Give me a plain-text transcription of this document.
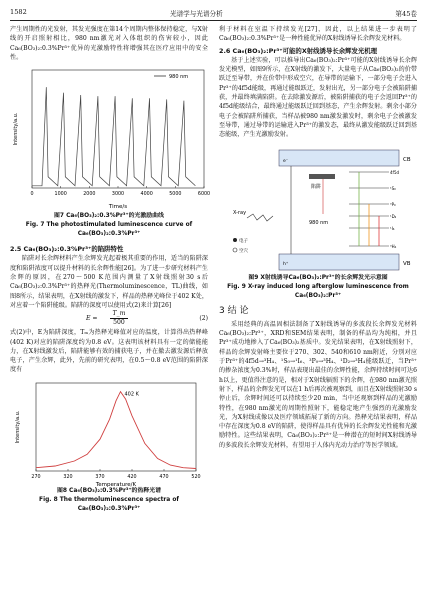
1582	光谱学与光谱分析	第45卷

产生周期性的光发射，其发光强度在第14个周期内整体保持稳定，与X射线的开启照射相比，980 nm激光对入体组织的伤害较小，因此Ca₆(BO₃)₂:0.3%Pr³⁺优异的光激励特性将增强其在医疗应用中的安全性。

Intensity/a.u.
Time/s
980 nm
0	1000	2000	3000	4000	5000	6000
图7 Ca₆(BO₃)₂:0.3%Pr³⁺的光激励曲线
Fig. 7 The photostimulated luminescence curve of Ca₆(BO₃)₂:0.3%Pr³⁺
2.5 Ca₆(BO₃)₂:0.3%Pr³⁺的陷阱特性

陷阱对长余辉材料产生余辉发光起着极其重要的作用，适当的陷阱深度和陷阱浓度可以提升材料的长余辉性能[26]。为了进一步研究材料产生余辉的原因，在270～500 K范围内测量了X射线照射30 s后Ca₆(BO₃)₂:0.3%Pr³⁺的热释光(Thermoluminescence，TL)曲线，如图8所示，结果表明，在X射线的激发下，样品的热释光峰位于402 K处，对应着一个陷阱能级。陷阱的深度可以使用式(2)来计算[26]

E =
T_m
500
(2)

式(2)中，E为陷阱深度，Tₘ为热释光峰值对应的温度，计算得出热释峰(402 K)对应的陷阱深度约为0.8 eV。这表明该材料具有一定的储能能力，在X射线激发后，陷阱能够有效的捕获电子，并在撤去激发源后释放电子，产生余辉，此外，先前的研究表明，在0.5～0.8 eV范围的陷阱深度有

Intensity/a.u.
Temperature/K
270	320	370	420	470	520
402 K
图8 Ca₆(BO₃)₂:0.3%Pr³⁺的热释光谱
Fig. 8 The thermoluminescence spectra of Ca₆(BO₃)₂:0.3%Pr³⁺

利于材料在室温下持续发光[27]，因此，以上结果进一步表明了Ca₆(BO₃)₂:0.3%Pr³⁺是一种性能优异的X射线诱导长余辉发光材料。

2.6 Ca₆(BO₃)₂:Pr³⁺可能的X射线诱导长余辉发光机理

基于上述实验，可以推导出Ca₆(BO₃)₂:Pr³⁺可能的X射线诱导长余辉发光模型，如图9所示，在X射线的激发下，大量电子从Ca₆(BO₃)₂的价带跃迁至导带，并在价带中形成空穴，在导带的运输下，一部分电子会进入Pr³⁺的4f5d能级，再通过能级跃迁，发射出光，另一部分电子会被陷阱捕获，并最终填满陷阱。在去除激发源后，被陷阱捕获的电子会返回Pr³⁺的4f5d能级结合，最终通过能级跃迁回到基态，产生余辉发射。剩余小部分电子会被陷阱所捕获，当样品被980 nm激发激发时，剩余电子会被激发至导带，通过导带的运输进入Pr³⁺的激发态，最终从激发能级跃迁回到基态能级，产生光激励发射。

CB
VB
X-ray
陷阱
980 nm
4f5d
¹S₀
³P₀
¹D₂
¹I₆
³H₄
电子
空穴
e⁻
h⁺
图9 X射线诱导Ca₆(BO₃)₂:Pr³⁺的长余辉发光示意图
Fig. 9 X-ray induced long afterglow luminescence from Ca₆(BO₃)₂:Pr³⁺
3 结 论

采用经典的高温固相法制备了X射线诱导的多波段长余辉发光材料Ca₆(BO₃)₂:Pr³⁺，XRD和SEM结果表明，制备的样品均为纯相，并且Pr³⁺成功地掺入了Ca₆(BO₃)₂基质中。发光结果表明，在X射线照射下，样品的余辉发射峰主要位于270、302、540和610 nm附近，分别对应于Pr³⁺的4f5d→³H₄、¹S₀→¹I₆、³P₀→³H₄、¹D₂→³H₄能级跃迁，当Pr³⁺的掺杂浓度为0.3%时，样品表现出最佳的余辉性能，余辉持续时间可达6 h以上，更值得注意的是，相对于X射线辐照下的余辉，在980 nm激光照射下，样品的余辉发光可以在1 h后再次被观察到，而且在X射线照射30 s停止后，余辉时间还可以持续至少20 min，当中还观察到样品的光激励特性，在980 nm激光的周期性照射下，能稳定地产生强烈的光激励发光，为X射线成像以及医疗领域拓展了新的方向。热释光结果表明，样品中存在深度为0.8 eV的陷阱，使得样品具有优异的长余辉发光性能和光激励特性。这些结果表明，Ca₆(BO₃)₂:Pr³⁺是一种潜在的短时间X射线诱导的多波段长余辉发光材料，有望用于人体内光动力治疗等医学领域。
